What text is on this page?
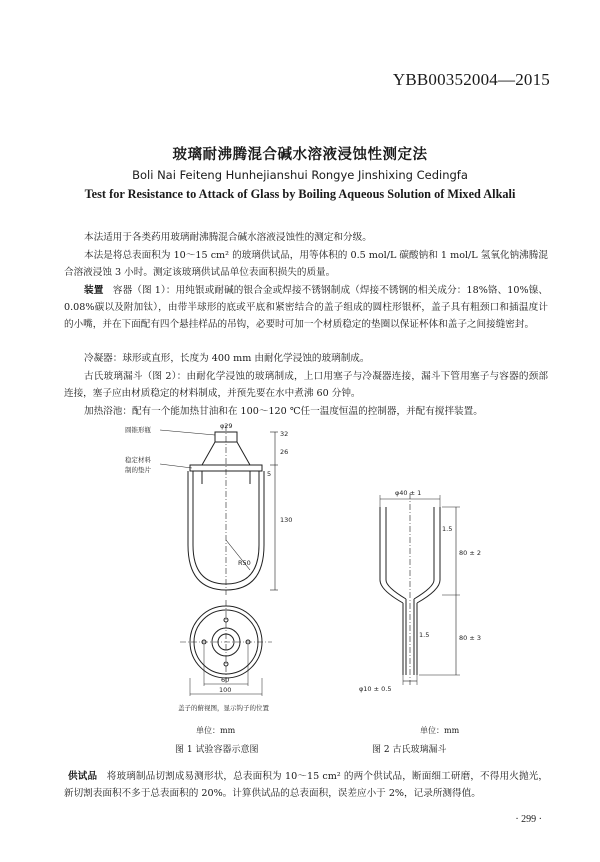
YBB00352004—2015
玻璃耐沸腾混合碱水溶液浸蚀性测定法
Boli Nai Feiteng Hunhejianshui Rongye Jinshixing Cedingfa
Test for Resistance to Attack of Glass by Boiling Aqueous Solution of Mixed Alkali
本法适用于各类药用玻璃耐沸腾混合碱水溶液浸蚀性的测定和分级。
本法是将总表面积为 10～15 cm² 的玻璃供试品，用等体积的 0.5 mol/L 碳酸钠和 1 mol/L 氢氧化钠沸腾混合溶液浸蚀 3 小时。测定该玻璃供试品单位表面积损失的质量。
装置 容器（图 1）：用纯银或耐碱的银合金或焊接不锈钢制成（焊接不锈钢的相关成分：18%铬、10%镍、0.08%碳以及附加钛），由带半球形的底或平底和紧密结合的盖子组成的圆柱形银杯，盖子具有粗颈口和插温度计的小嘴，并在下面配有四个悬挂样品的吊钩，必要时可加一个材质稳定的垫圈以保证杯体和盖子之间接缝密封。
冷凝器：球形或直形，长度为 400 mm 由耐化学浸蚀的玻璃制成。
古氏玻璃漏斗（图 2）：由耐化学浸蚀的玻璃制成，上口用塞子与冷凝器连接，漏斗下管用塞子与容器的颈部连接，塞子应由材质稳定的材料制成，并预先要在水中煮沸 60 分钟。
加热浴池：配有一个能加热甘油和在 100～120 ℃任一温度恒温的控制器，并配有搅拌装置。
φ29
32
26
5
130
R50
圆锥形瓶
稳定材料
制的垫片
60
100
盖子的俯视图，显示钩子的位置
单位：mm
图 1 试验容器示意图
φ40 ± 1
1.5
80 ± 2
1.5	80 ± 3
φ10 ± 0.5
单位：mm
图 2 古氏玻璃漏斗
供试品 将玻璃制品切割成易测形状，总表面积为 10～15 cm² 的两个供试品，断面细工研磨，不得用火抛光，新切割表面积不多于总表面积的 20%。计算供试品的总表面积，误差应小于 2%，记录所测得值。
· 299 ·
